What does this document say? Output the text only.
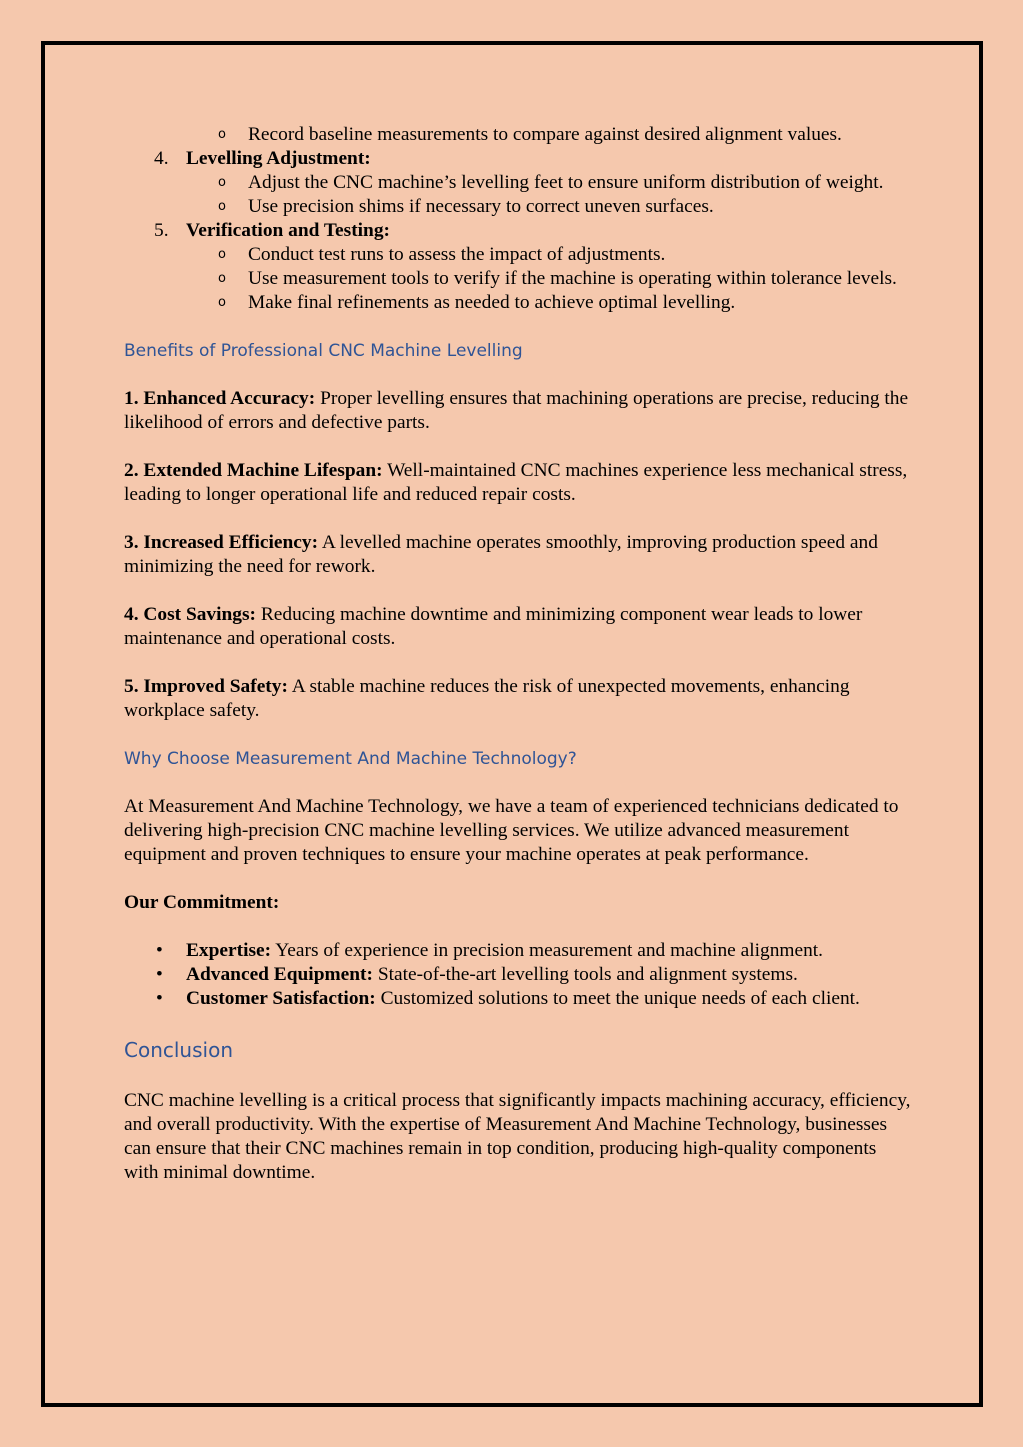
o Record baseline measurements to compare against desired alignment values.
4. Levelling Adjustment:
o Adjust the CNC machine’s levelling feet to ensure uniform distribution of weight.
o Use precision shims if necessary to correct uneven surfaces.
5. Verification and Testing:
o Conduct test runs to assess the impact of adjustments.
o Use measurement tools to verify if the machine is operating within tolerance levels.
o Make final refinements as needed to achieve optimal levelling.
Benefits of Professional CNC Machine Levelling

1. Enhanced Accuracy: Proper levelling ensures that machining operations are precise, reducing the likelihood of errors and defective parts.

2. Extended Machine Lifespan: Well-maintained CNC machines experience less mechanical stress, leading to longer operational life and reduced repair costs.

3. Increased Efficiency: A levelled machine operates smoothly, improving production speed and minimizing the need for rework.

4. Cost Savings: Reducing machine downtime and minimizing component wear leads to lower maintenance and operational costs.

5. Improved Safety: A stable machine reduces the risk of unexpected movements, enhancing workplace safety.

Why Choose Measurement And Machine Technology?

At Measurement And Machine Technology, we have a team of experienced technicians dedicated to delivering high-precision CNC machine levelling services. We utilize advanced measurement equipment and proven techniques to ensure your machine operates at peak performance.

Our Commitment:

• Expertise: Years of experience in precision measurement and machine alignment.
• Advanced Equipment: State-of-the-art levelling tools and alignment systems.
• Customer Satisfaction: Customized solutions to meet the unique needs of each client.
Conclusion

CNC machine levelling is a critical process that significantly impacts machining accuracy, efficiency, and overall productivity. With the expertise of Measurement And Machine Technology, businesses can ensure that their CNC machines remain in top condition, producing high-quality components with minimal downtime.
